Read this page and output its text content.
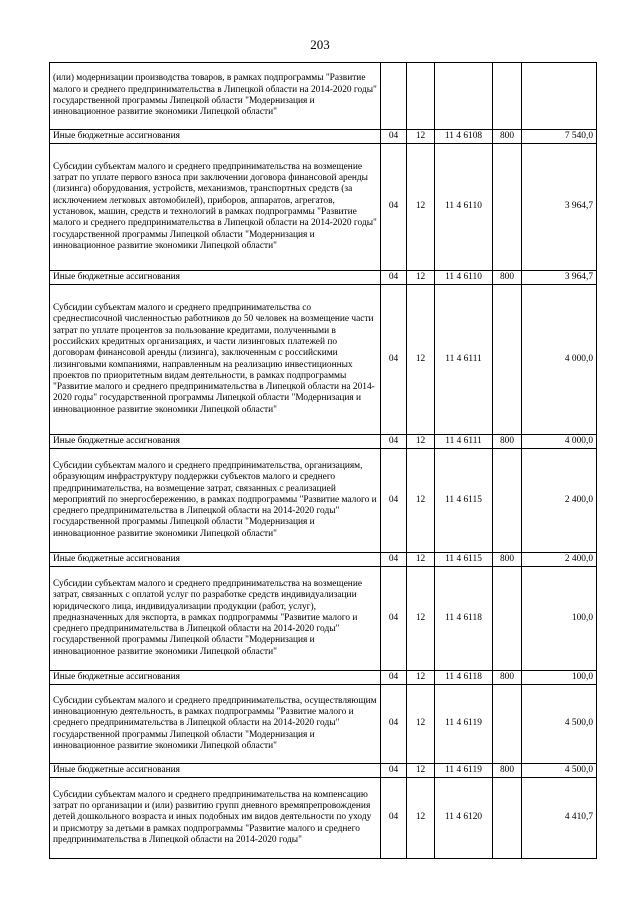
203
(или) модернизации производства товаров, в рамках подпрограммы "Развитие малого и среднего предпринимательства в Липецкой области на 2014-2020 годы" государственной программы Липецкой области "Модернизация и инновационное развитие экономики Липецкой области"					
Иные бюджетные ассигнования	04	12	11 4 6108	800	7 540,0
Субсидии субъектам малого и среднего предпринимательства на возмещение затрат по уплате первого взноса при заключении договора финансовой аренды (лизинга) оборудования, устройств, механизмов, транспортных средств (за исключением легковых автомобилей), приборов, аппаратов, агрегатов, установок, машин, средств и технологий в рамках подпрограммы "Развитие малого и среднего предпринимательства в Липецкой области на 2014-2020 годы" государственной программы Липецкой области "Модернизация и инновационное развитие экономики Липецкой области"	04	12	11 4 6110		3 964,7
Иные бюджетные ассигнования	04	12	11 4 6110	800	3 964,7
Субсидии субъектам малого и среднего предпринимательства со среднесписочной численностью работников до 50 человек на возмещение части затрат по уплате процентов за пользование кредитами, полученными в российских кредитных организациях, и части лизинговых платежей по договорам финансовой аренды (лизинга), заключенным с российскими лизинговыми компаниями, направленным на реализацию инвестиционных проектов по приоритетным видам деятельности, в рамках подпрограммы "Развитие малого и среднего предпринимательства в Липецкой области на 2014-2020 годы" государственной программы Липецкой области "Модернизация и инновационное развитие экономики Липецкой области"	04	12	11 4 6111		4 000,0
Иные бюджетные ассигнования	04	12	11 4 6111	800	4 000,0
Субсидии субъектам малого и среднего предпринимательства, организациям, образующим инфраструктуру поддержки субъектов малого и среднего предпринимательства, на возмещение затрат, связанных с реализацией мероприятий по энергосбережению, в рамках подпрограммы "Развитие малого и среднего предпринимательства в Липецкой области на 2014-2020 годы" государственной программы Липецкой области "Модернизация и инновационное развитие экономики Липецкой области"	04	12	11 4 6115		2 400,0
Иные бюджетные ассигнования	04	12	11 4 6115	800	2 400,0
Субсидии субъектам малого и среднего предпринимательства на возмещение затрат, связанных с оплатой услуг по разработке средств индивидуализации юридического лица, индивидуализации продукции (работ, услуг), предназначенных для экспорта, в рамках подпрограммы "Развитие малого и среднего предпринимательства в Липецкой области на 2014-2020 годы" государственной программы Липецкой области "Модернизация и инновационное развитие экономики Липецкой области"	04	12	11 4 6118		100,0
Иные бюджетные ассигнования	04	12	11 4 6118	800	100,0
Субсидии субъектам малого и среднего предпринимательства, осуществляющим инновационную деятельность, в рамках подпрограммы "Развитие малого и среднего предпринимательства в Липецкой области на 2014-2020 годы" государственной программы Липецкой области "Модернизация и инновационное развитие экономики Липецкой области"	04	12	11 4 6119		4 500,0
Иные бюджетные ассигнования	04	12	11 4 6119	800	4 500,0
Субсидии субъектам малого и среднего предпринимательства на компенсацию затрат по организации и (или) развитию групп дневного времяпрепровождения детей дошкольного возраста и иных подобных им видов деятельности по уходу и присмотру за детьми в рамках подпрограммы "Развитие малого и среднего предпринимательства в Липецкой области на 2014-2020 годы"	04	12	11 4 6120		4 410,7
